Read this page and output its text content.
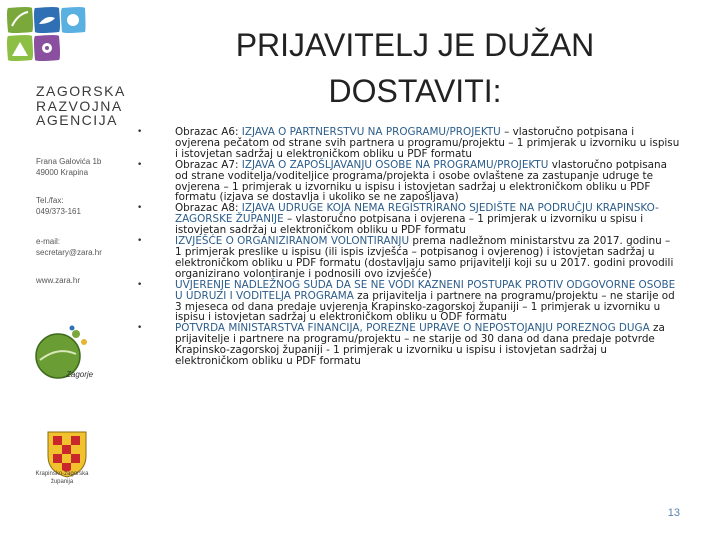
ZAGORSKA
RAZVOJNA
AGENCIJA
Frana Galovića 1b
49000 Krapina
Tel./fax:
049/373-161
e-mail:
secretary@zara.hr
www.zara.hr
Zagorje
Krapinsko-zagorska županija
PRIJAVITELJ JE DUŽAN
DOSTAVITI:
•	Obrazac A6: IZJAVA O PARTNERSTVU NA PROGRAMU/PROJEKTU – vlastoručno potpisana i ovjerena pečatom od strane svih partnera u programu/projektu – 1 primjerak u izvorniku u ispisu i istovjetan sadržaj u elektroničkom obliku u PDF formatu
•	Obrazac A7: IZJAVA O ZAPOŠLJAVANJU OSOBE NA PROGRAMU/PROJEKTU vlastoručno potpisana od strane voditelja/voditeljice programa/projekta i osobe ovlaštene za zastupanje udruge te ovjerena – 1 primjerak u izvorniku u ispisu i istovjetan sadržaj u elektroničkom obliku u PDF formatu (izjava se dostavlja i ukoliko se ne zapošljava)
•	Obrazac A8: IZJAVA UDRUGE KOJA NEMA REGISTRIRANO SJEDIŠTE NA PODRUČJU KRAPINSKO-ZAGORSKE ŽUPANIJE – vlastoručno potpisana i ovjerena – 1 primjerak u izvorniku u spisu i istovjetan sadržaj u elektroničkom obliku u PDF formatu
•	IZVJEŠĆE O ORGANIZIRANOM VOLONTIRANJU prema nadležnom ministarstvu za 2017. godinu – 1 primjerak preslike u ispisu (ili ispis izvješća – potpisanog i ovjerenog) i istovjetan sadržaj u elektroničkom obliku u PDF formatu (dostavljaju samo prijavitelji koji su u 2017. godini provodili organizirano volontiranje i podnosili ovo izvješće)
•	UVJERENJE NADLEŽNOG SUDA DA SE NE VODI KAZNENI POSTUPAK PROTIV ODGOVORNE OSOBE U UDRUZI I VODITELJA PROGRAMA za prijavitelja i partnere na programu/projektu – ne starije od 3 mjeseca od dana predaje uvjerenja Krapinsko-zagorskoj županiji – 1 primjerak u izvorniku u ispisu i istovjetan sadržaj u elektroničkom obliku u ODF formatu
•	POTVRDA MINISTARSTVA FINANCIJA, POREZNE UPRAVE O NEPOSTOJANJU POREZNOG DUGA za prijavitelje i partnere na programu/projektu – ne starije od 30 dana od dana predaje potvrde Krapinsko-zagorskoj županiji - 1 primjerak u izvorniku u ispisu i istovjetan sadržaj u elektroničkom obliku u PDF formatu
13
